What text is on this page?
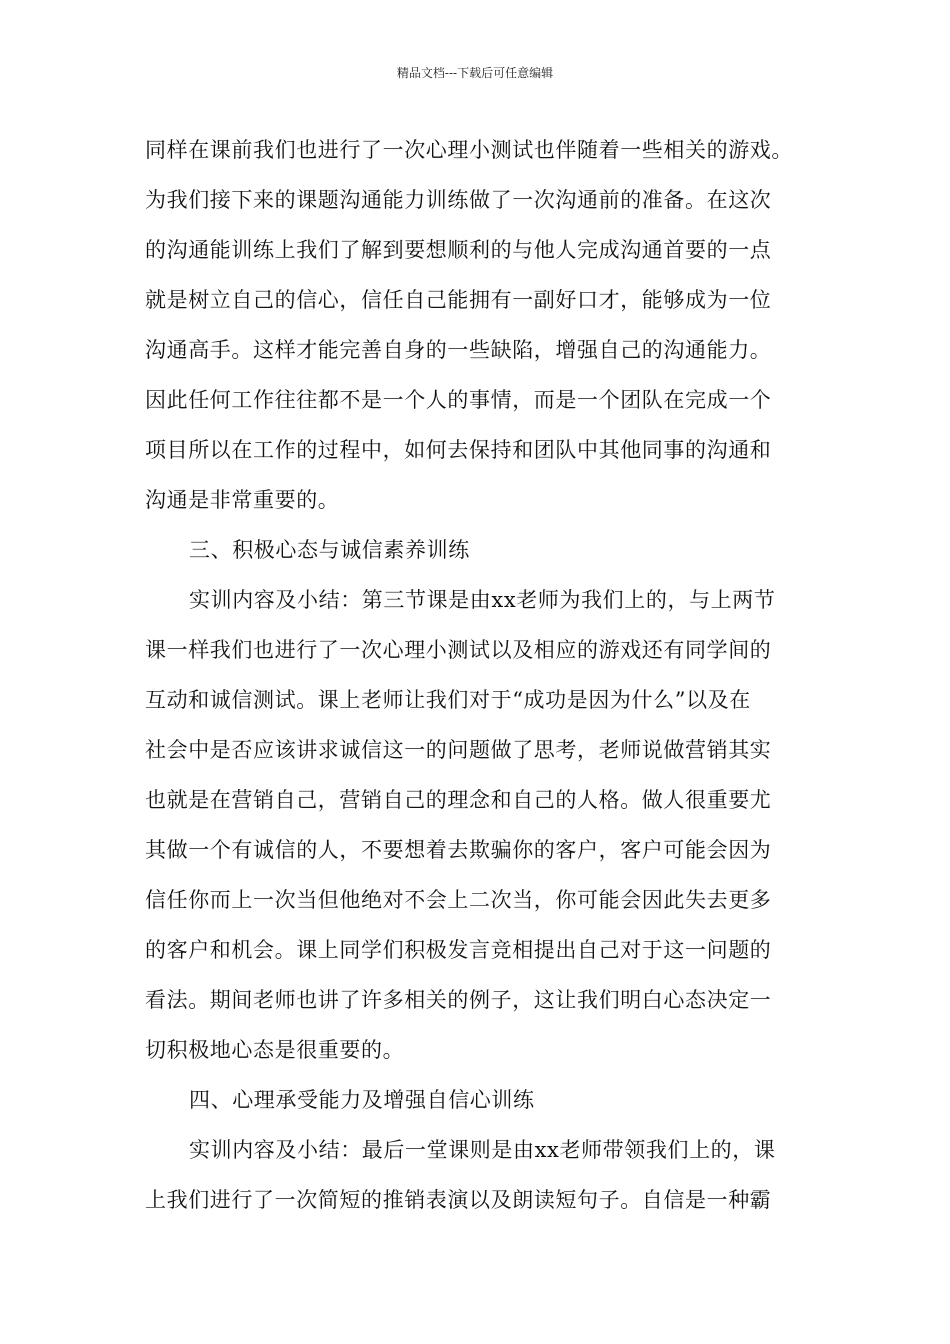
精品文档---下载后可任意编辑
同样在课前我们也进行了一次心理小测试也伴随着一些相关的游戏。
为我们接下来的课题沟通能力训练做了一次沟通前的准备。在这次
的沟通能训练上我们了解到要想顺利的与他人完成沟通首要的一点
就是树立自己的信心，信任自己能拥有一副好口才，能够成为一位
沟通高手。这样才能完善自身的一些缺陷，增强自己的沟通能力。
因此任何工作往往都不是一个人的事情，而是一个团队在完成一个
项目所以在工作的过程中，如何去保持和团队中其他同事的沟通和
沟通是非常重要的。
三、积极心态与诚信素养训练
实训内容及小结：第三节课是由xx老师为我们上的，与上两节
课一样我们也进行了一次心理小测试以及相应的游戏还有同学间的
互动和诚信测试。课上老师让我们对于“成功是因为什么”以及在
社会中是否应该讲求诚信这一的问题做了思考，老师说做营销其实
也就是在营销自己，营销自己的理念和自己的人格。做人很重要尤
其做一个有诚信的人，不要想着去欺骗你的客户，客户可能会因为
信任你而上一次当但他绝对不会上二次当，你可能会因此失去更多
的客户和机会。课上同学们积极发言竞相提出自己对于这一问题的
看法。期间老师也讲了许多相关的例子，这让我们明白心态决定一
切积极地心态是很重要的。
四、心理承受能力及增强自信心训练
实训内容及小结：最后一堂课则是由xx老师带领我们上的，课
上我们进行了一次简短的推销表演以及朗读短句子。自信是一种霸
